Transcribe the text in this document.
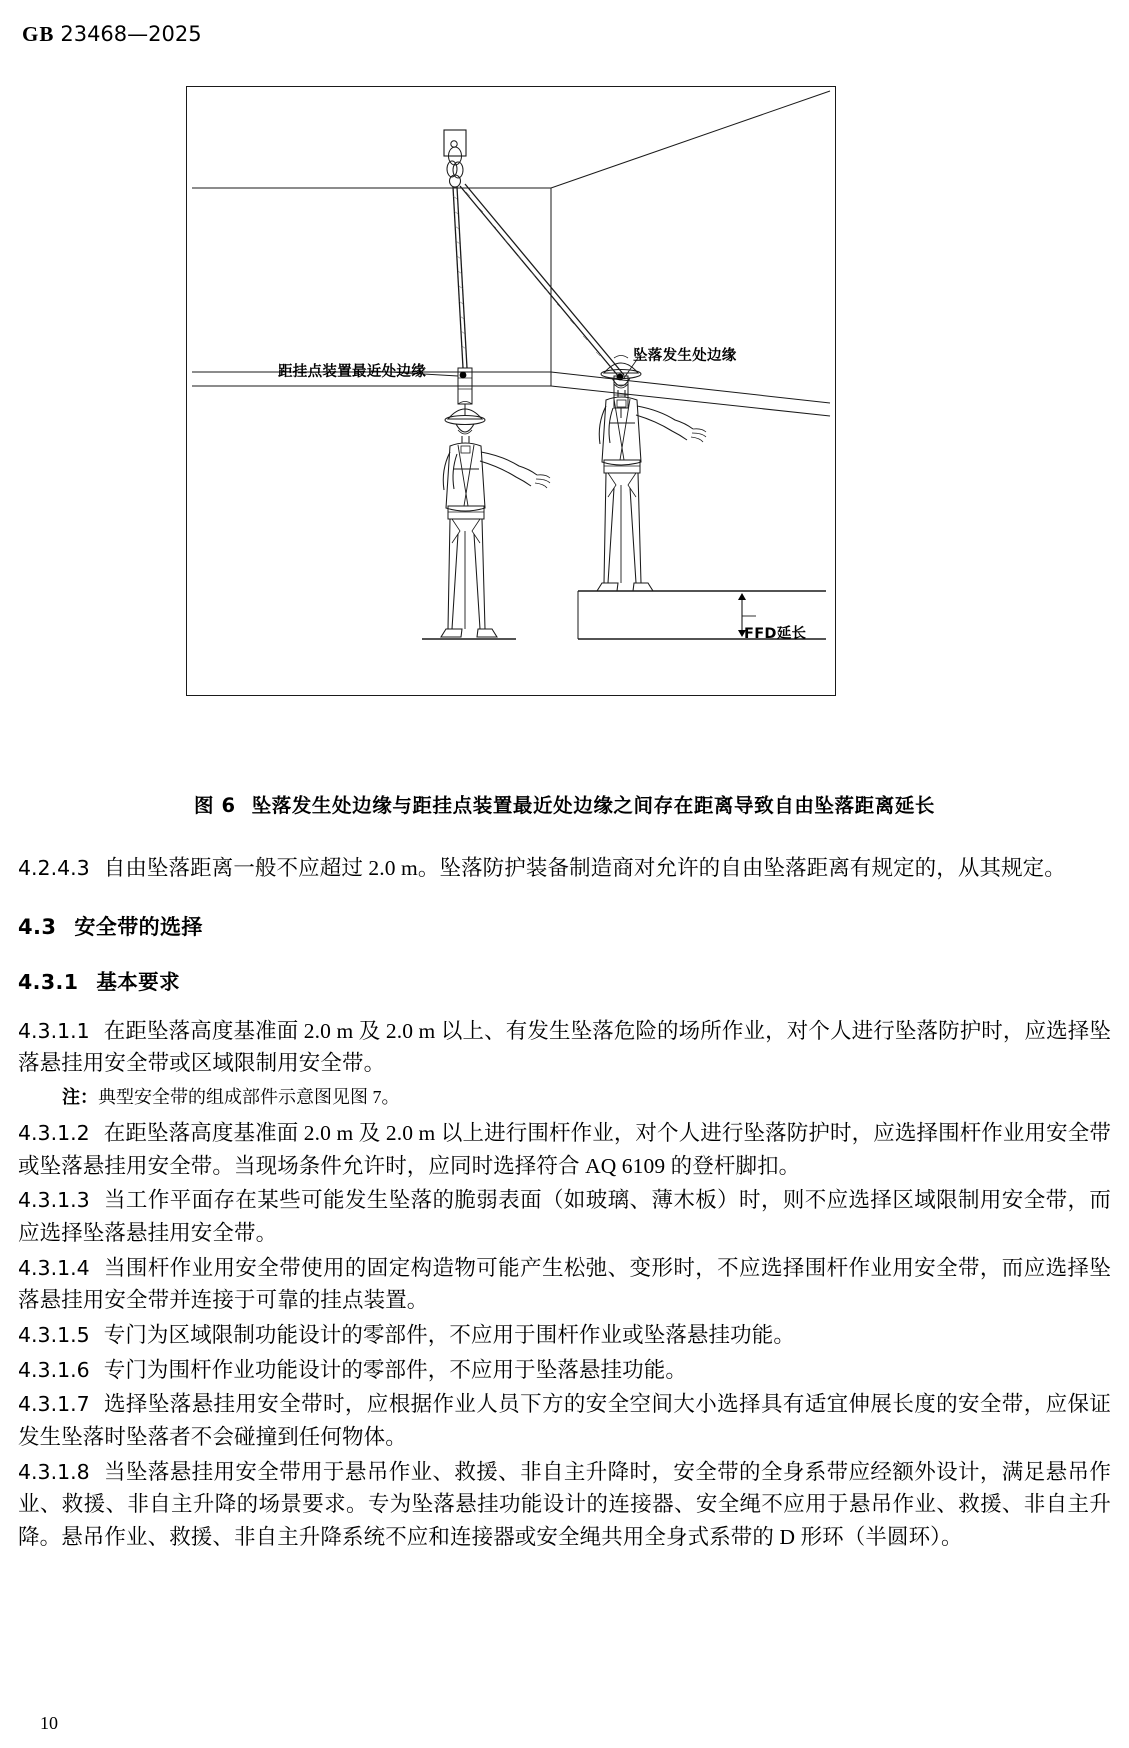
GB 23468—2025
距挂点装置最近处边缘
坠落发生处边缘
FFD延长
图 6 坠落发生处边缘与距挂点装置最近处边缘之间存在距离导致自由坠落距离延长

4.2.4.3 自由坠落距离一般不应超过 2.0 m。坠落防护装备制造商对允许的自由坠落距离有规定的，从其规定。

4.3 安全带的选择
4.3.1 基本要求

4.3.1.1 在距坠落高度基准面 2.0 m 及 2.0 m 以上、有发生坠落危险的场所作业，对个人进行坠落防护时，应选择坠落悬挂用安全带或区域限制用安全带。

注：典型安全带的组成部件示意图见图 7。

4.3.1.2 在距坠落高度基准面 2.0 m 及 2.0 m 以上进行围杆作业，对个人进行坠落防护时，应选择围杆作业用安全带或坠落悬挂用安全带。当现场条件允许时，应同时选择符合 AQ 6109 的登杆脚扣。

4.3.1.3 当工作平面存在某些可能发生坠落的脆弱表面（如玻璃、薄木板）时，则不应选择区域限制用安全带，而应选择坠落悬挂用安全带。

4.3.1.4 当围杆作业用安全带使用的固定构造物可能产生松弛、变形时，不应选择围杆作业用安全带，而应选择坠落悬挂用安全带并连接于可靠的挂点装置。

4.3.1.5 专门为区域限制功能设计的零部件，不应用于围杆作业或坠落悬挂功能。

4.3.1.6 专门为围杆作业功能设计的零部件，不应用于坠落悬挂功能。

4.3.1.7 选择坠落悬挂用安全带时，应根据作业人员下方的安全空间大小选择具有适宜伸展长度的安全带，应保证发生坠落时坠落者不会碰撞到任何物体。

4.3.1.8 当坠落悬挂用安全带用于悬吊作业、救援、非自主升降时，安全带的全身系带应经额外设计，满足悬吊作业、救援、非自主升降的场景要求。专为坠落悬挂功能设计的连接器、安全绳不应用于悬吊作业、救援、非自主升降。悬吊作业、救援、非自主升降系统不应和连接器或安全绳共用全身式系带的 D 形环（半圆环）。

10
